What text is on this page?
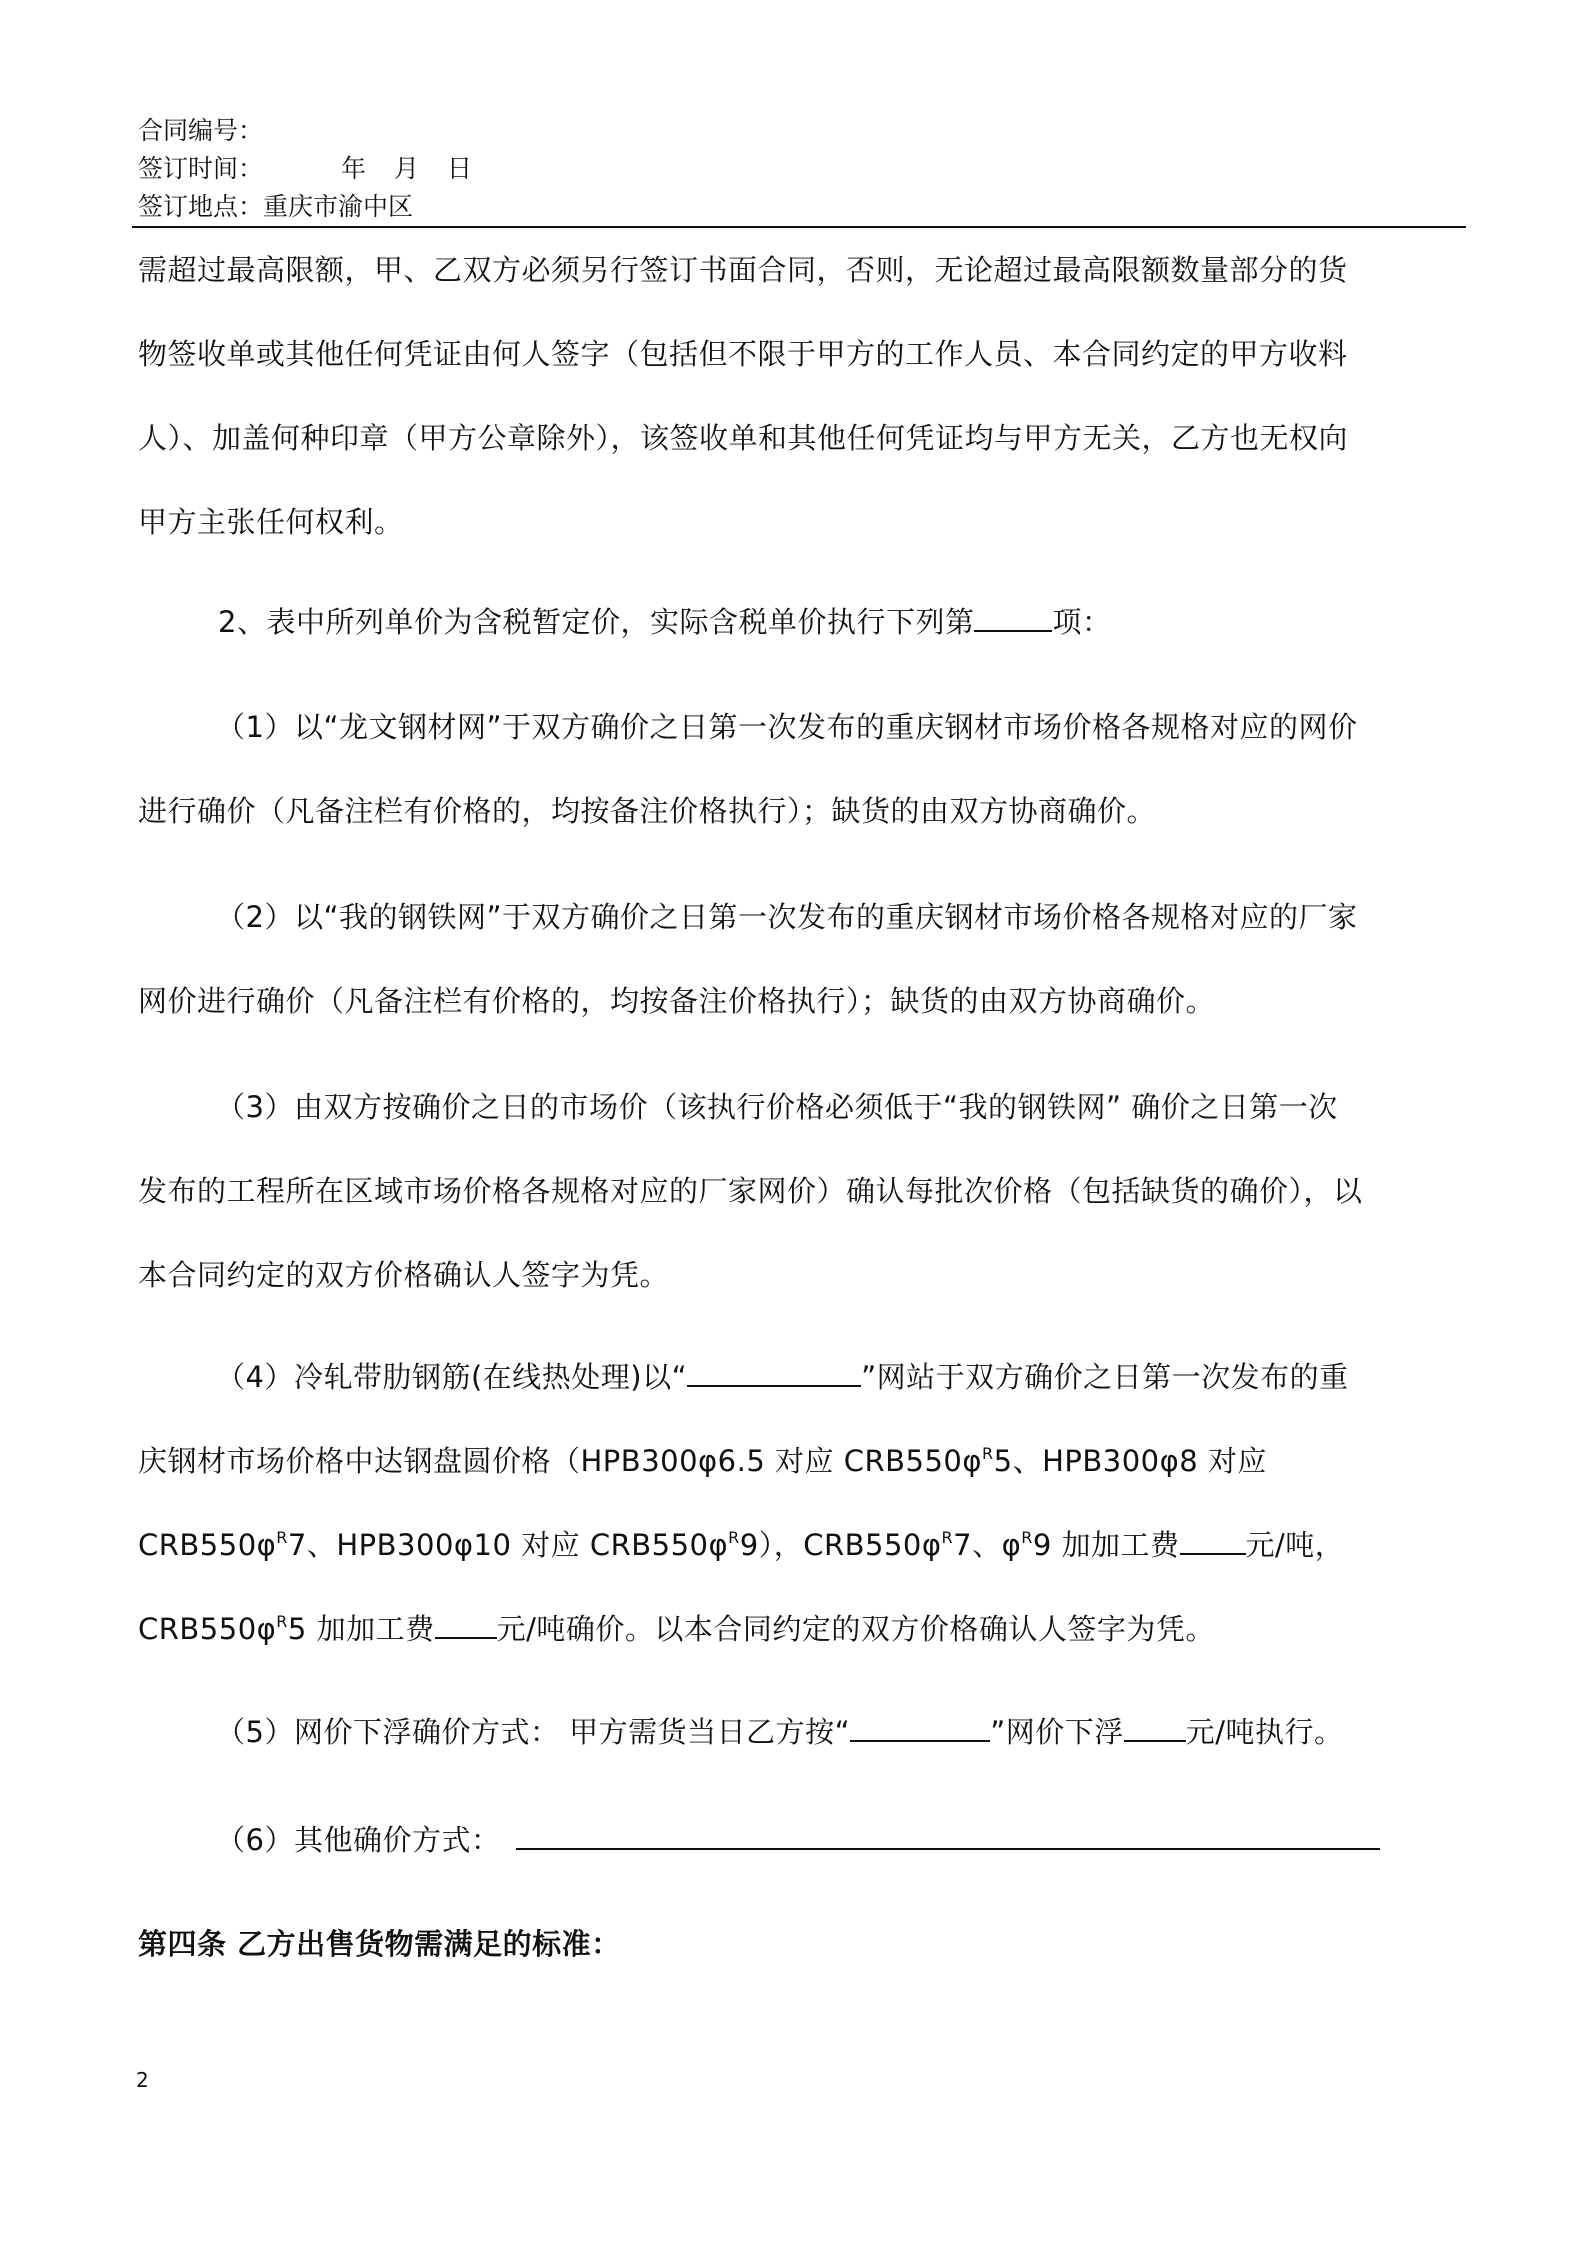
合同编号：
签订时间：	年 月 日
签订地点：重庆市渝中区
需超过最高限额，甲、乙双方必须另行签订书面合同，否则，无论超过最高限额数量部分的货
物签收单或其他任何凭证由何人签字（包括但不限于甲方的工作人员、本合同约定的甲方收料
人）、加盖何种印章（甲方公章除外），该签收单和其他任何凭证均与甲方无关，乙方也无权向
甲方主张任何权利。
2、表中所列单价为含税暂定价，实际含税单价执行下列第	项：
（1）以“龙文钢材网”于双方确价之日第一次发布的重庆钢材市场价格各规格对应的网价
进行确价（凡备注栏有价格的，均按备注价格执行）；缺货的由双方协商确价。
（2）以“我的钢铁网”于双方确价之日第一次发布的重庆钢材市场价格各规格对应的厂家
网价进行确价（凡备注栏有价格的，均按备注价格执行）；缺货的由双方协商确价。
（3）由双方按确价之日的市场价（该执行价格必须低于“我的钢铁网” 确价之日第一次
发布的工程所在区域市场价格各规格对应的厂家网价）确认每批次价格（包括缺货的确价），以
本合同约定的双方价格确认人签字为凭。
（4）冷轧带肋钢筋(在线热处理)以“	”网站于双方确价之日第一次发布的重
庆钢材市场价格中达钢盘圆价格（HPB300φ6.5 对应 $CRB550\varphi^R5$、HPB300φ8 对应
$CRB550\varphi^R7$、HPB300φ10 对应 $CRB550\varphi^R9$），$CRB550\varphi^R7$、$\varphi^R9$ 加加工费 元/吨，
$CRB550\varphi^R5$ 加加工费 元/吨确价。以本合同约定的双方价格确认人签字为凭。
（5）网价下浮确价方式： 甲方需货当日乙方按“	”网价下浮 元/吨执行。
（6）其他确价方式：
第四条 乙方出售货物需满足的标准：
2
